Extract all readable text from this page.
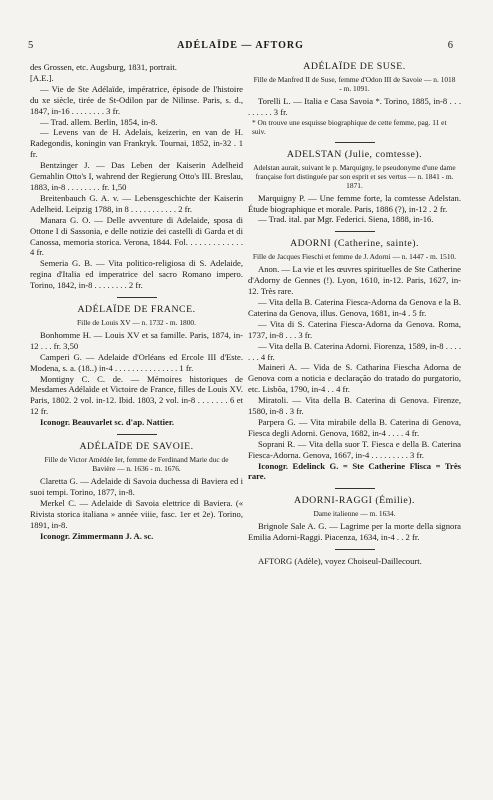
5	ADÉLAÏDE — AFTORG	6

des Grossen, etc. Augsburg, 1831, portrait.

[A.E.].

— Vie de Ste Adélaïde, impératrice, épisode de l'histoire du xe siècle, tirée de St-Odilon par de Nilinse. Paris, s. d., 1847, in-16 . . . . . . . . 3 fr.

— Trad. allem. Berlin, 1854, in-8.

— Levens van de H. Adelais, keizerin, en van de H. Radegondis, koningin van Frankryk. Tournai, 1852, in-32 . 1 fr.

Bentzinger J. — Das Leben der Kaiserin Adelheid Gemahlin Otto's I, wahrend der Regierung Otto's III. Breslau, 1883, in-8 . . . . . . . . fr. 1,50

Breitenbauch G. A. v. — Lebensgeschichte der Kaiserin Adelheid. Leipzig 1788, in 8 . . . . . . . . . . . 2 fr.

Manara G. O. — Delle avventure di Adelaide, sposa di Ottone I di Sassonia, e delle notizie dei castelli di Garda et di Canossa, memoria storica. Verona, 1844. Fol. . . . . . . . . . . . . 4 fr.

Semeria G. B. — Vita politico-religiosa di S. Adelaide, regina d'Italia ed imperatrice del sacro Romano impero. Torino, 1842, in-8 . . . . . . . . 2 fr.

ADÉLAÏDE DE FRANCE.
Fille de Louis XV — n. 1732 - m. 1800.

Bonhomme H. — Louis XV et sa famille. Paris, 1874, in-12 . . . fr. 3,50

Camperi G. — Adelaide d'Orléans ed Ercole III d'Este. Modena, s. a. (18..) in-4 . . . . . . . . . . . . . . . 1 fr.

Montigny C. C. de. — Mémoires historiques de Mesdames Adélaïde et Victoire de France, filles de Louis XV. Paris, 1802. 2 vol. in-12. Ibid. 1803, 2 vol. in-8 . . . . . . . 6 et 12 fr.

Iconogr. Beauvarlet sc. d'ap. Nattier.

ADÉLAÏDE DE SAVOIE.
Fille de Victor Amédée Ier, femme de Ferdinand Marie duc de Bavière — n. 1636 - m. 1676.

Claretta G. — Adelaide di Savoia duchessa di Baviera ed i suoi tempi. Torino, 1877, in-8.

Merkel C. — Adelaide di Savoia elettrice di Baviera. (« Rivista storica italiana » année viiie, fasc. 1er et 2e). Torino, 1891, in-8.

Iconogr. Zimmermann J. A. sc.

ADÉLAÏDE DE SUSE.
Fille de Manfred II de Suse, femme d'Odon III de Savoie — n. 1018 - m. 1091.

Torelli L. — Italia e Casa Savoia *. Torino, 1885, in-8 . . . . . . . . . 3 fr.

* On trouve une esquisse biographique de cette femme, pag. 11 et suiv.
ADELSTAN (Julie, comtesse).
Adelstan aurait, suivant le p. Marquigny, le pseudonyme d'une dame française fort distinguée par son esprit et ses vertus — n. 1841 - m. 1871.

Marquigny P. — Une femme forte, la comtesse Adelstan. Étude biographique et morale. Paris, 1886 (?), in-12 . 2 fr.

— Trad. ital. par Mgr. Federici. Siena, 1888, in-16.

ADORNI (Catherine, sainte).
Fille de Jacques Fieschi et femme de J. Adorni — n. 1447 - m. 1510.

Anon. — La vie et les œuvres spirituelles de Ste Catherine d'Adorny de Gennes (!). Lyon, 1610, in-12. Paris, 1627, in-12. Très rare.

— Vita della B. Caterina Fiesca-Adorna da Genova e la B. Caterina da Genova, illus. Genova, 1681, in-4 . 5 fr.

— Vita di S. Caterina Fiesca-Adorna da Genova. Roma, 1737, in-8 . . . 3 fr.

— Vita della B. Caterina Adorni. Fiorenza, 1589, in-8 . . . . . . . 4 fr.

Maineri A. — Vida de S. Catharina Fiescha Adorna de Genova com a noticia e declaração do tratado do purgatorio, etc. Lisbõa, 1790, in-4 . . 4 fr.

Miratoli. — Vita della B. Caterina di Genova. Firenze, 1580, in-8 . 3 fr.

Parpera G. — Vita mirabile della B. Caterina di Genova, Fiesca degli Adorni. Genova, 1682, in-4 . . . . 4 fr.

Soprani R. — Vita della suor T. Fiesca e della B. Caterina Fiesca-Adorna. Genova, 1667, in-4 . . . . . . . . . 3 fr.

Iconogr. Edelinck G. = Ste Catherine Flisca = Très rare.

ADORNI-RAGGI (Émilie).
Dame italienne — m. 1634.

Brignole Sale A. G. — Lagrime per la morte della signora Emilia Adorni-Raggi. Piacenza, 1634, in-4 . . 2 fr.

AFTORG (Adèle), voyez Choiseul-Daillecourt.
